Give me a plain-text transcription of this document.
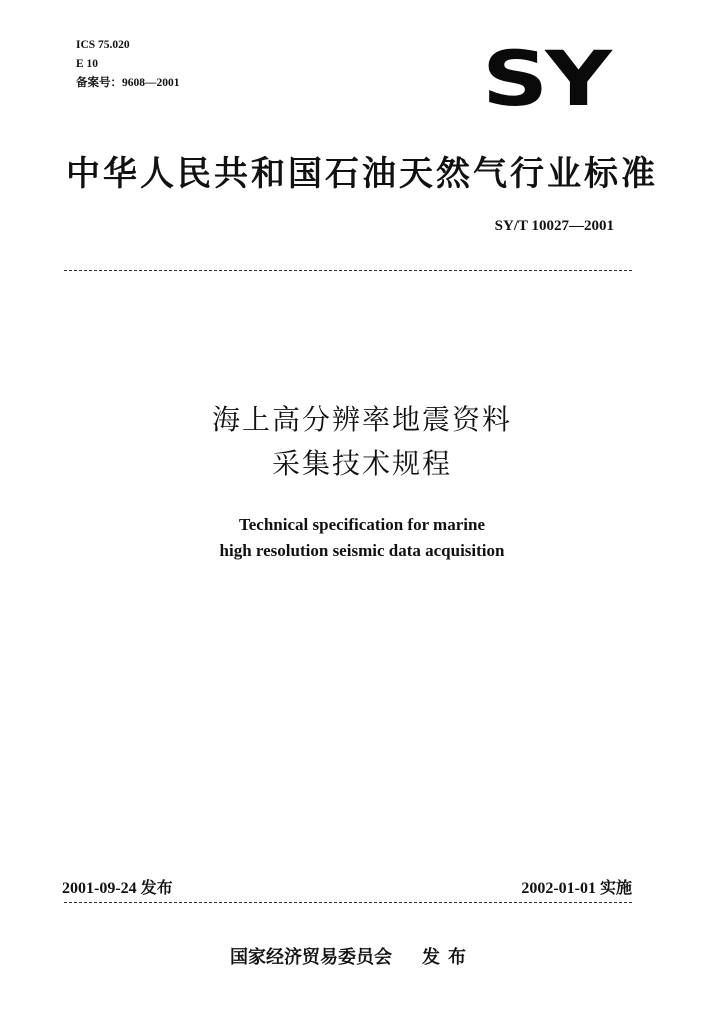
ICS 75.020
E 10
备案号：9608—2001	SY
中华人民共和国石油天然气行业标准
SY/T 10027—2001
海上高分辨率地震资料
采集技术规程
Technical specification for marine
high resolution seismic data acquisition
2001-09-24 发布	2002-01-01 实施
国家经济贸易委员会 发布
